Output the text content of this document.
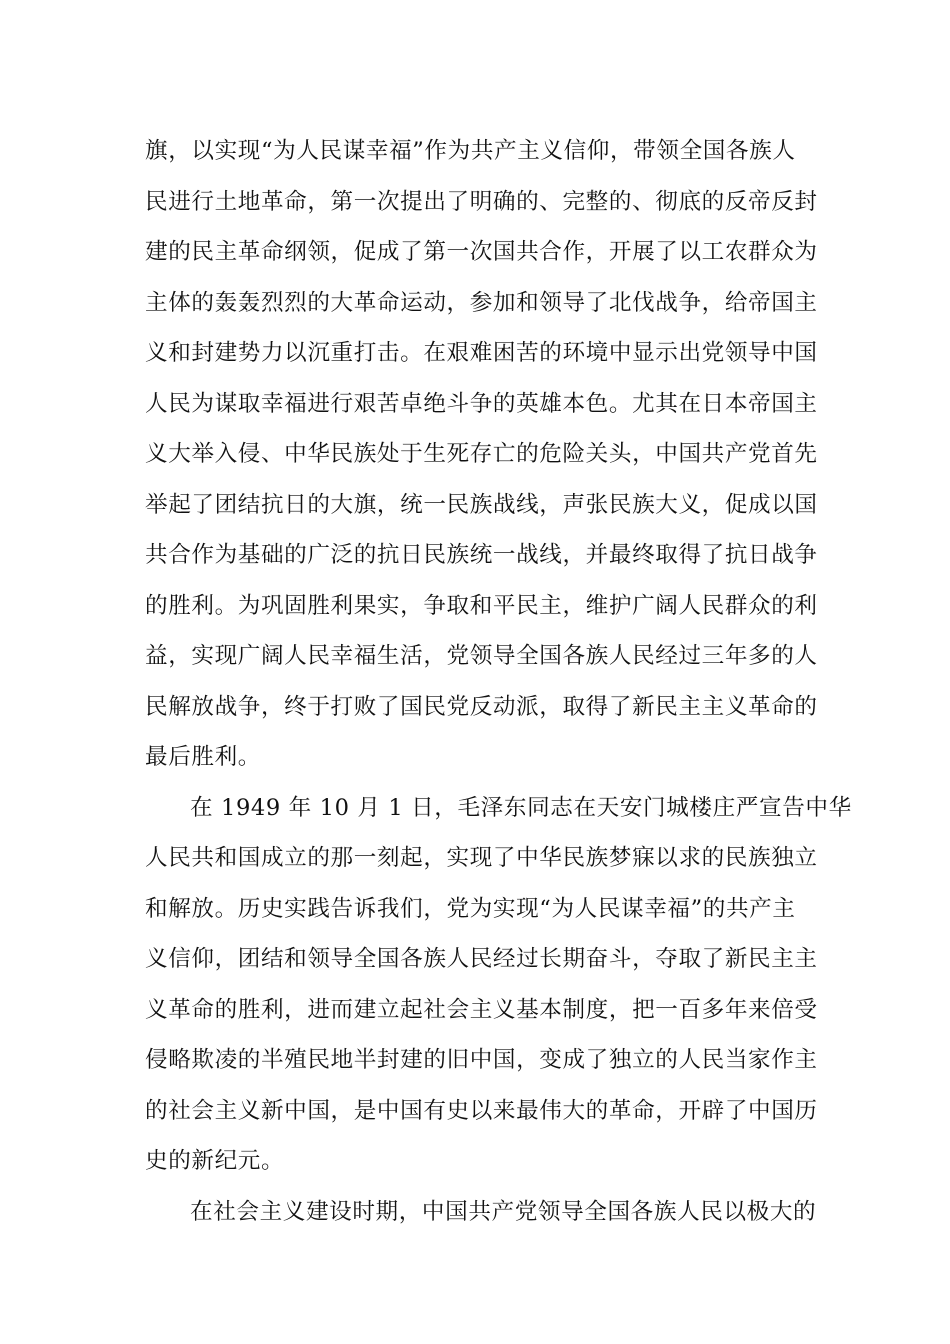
旗，以实现“为人民谋幸福”作为共产主义信仰，带领全国各族人
民进行土地革命，第一次提出了明确的、完整的、彻底的反帝反封
建的民主革命纲领，促成了第一次国共合作，开展了以工农群众为
主体的轰轰烈烈的大革命运动，参加和领导了北伐战争，给帝国主
义和封建势力以沉重打击。在艰难困苦的环境中显示出党领导中国
人民为谋取幸福进行艰苦卓绝斗争的英雄本色。尤其在日本帝国主
义大举入侵、中华民族处于生死存亡的危险关头，中国共产党首先
举起了团结抗日的大旗，统一民族战线，声张民族大义，促成以国
共合作为基础的广泛的抗日民族统一战线，并最终取得了抗日战争
的胜利。为巩固胜利果实，争取和平民主，维护广阔人民群众的利
益，实现广阔人民幸福生活，党领导全国各族人民经过三年多的人
民解放战争，终于打败了国民党反动派，取得了新民主主义革命的
最后胜利。
在 1949 年 10 月 1 日，毛泽东同志在天安门城楼庄严宣告中华
人民共和国成立的那一刻起，实现了中华民族梦寐以求的民族独立
和解放。历史实践告诉我们，党为实现“为人民谋幸福”的共产主
义信仰，团结和领导全国各族人民经过长期奋斗，夺取了新民主主
义革命的胜利，进而建立起社会主义基本制度，把一百多年来倍受
侵略欺凌的半殖民地半封建的旧中国，变成了独立的人民当家作主
的社会主义新中国，是中国有史以来最伟大的革命，开辟了中国历
史的新纪元。
在社会主义建设时期，中国共产党领导全国各族人民以极大的
